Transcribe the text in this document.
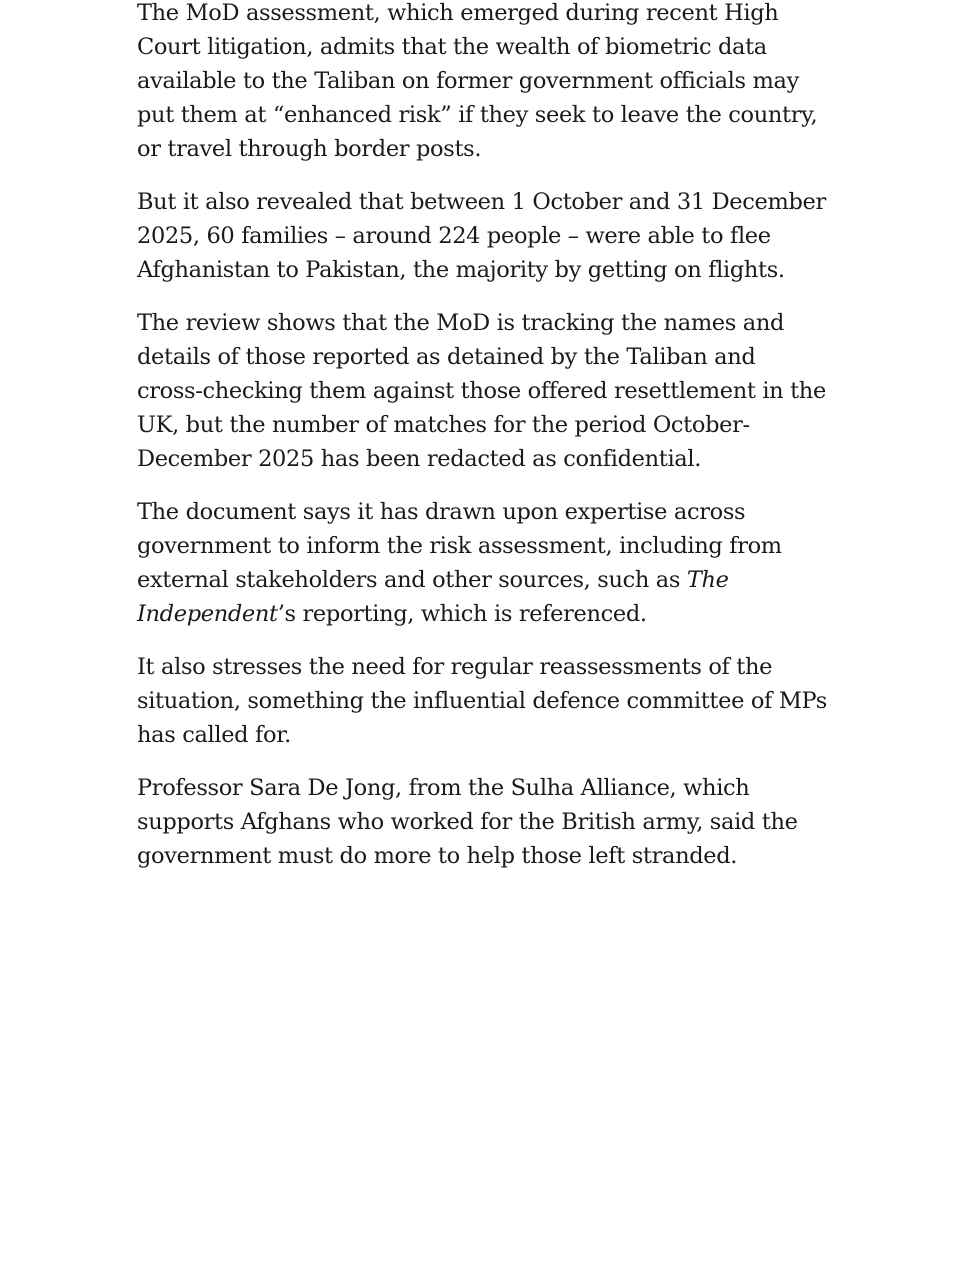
The MoD assessment, which emerged during recent High Court litigation, admits that the wealth of biometric data available to the Taliban on former government officials may put them at “enhanced risk” if they seek to leave the country, or travel through border posts.

But it also revealed that between 1 October and 31 December 2025, 60 families – around 224 people – were able to flee Afghanistan to Pakistan, the majority by getting on flights.

The review shows that the MoD is tracking the names and details of those reported as detained by the Taliban and cross-checking them against those offered resettlement in the UK, but the number of matches for the period October-December 2025 has been redacted as confidential.

The document says it has drawn upon expertise across government to inform the risk assessment, including from external stakeholders and other sources, such as The Independent’s reporting, which is referenced.

It also stresses the need for regular reassessments of the situation, something the influential defence committee of MPs has called for.

Professor Sara De Jong, from the Sulha Alliance, which supports Afghans who worked for the British army, said the government must do more to help those left stranded.
